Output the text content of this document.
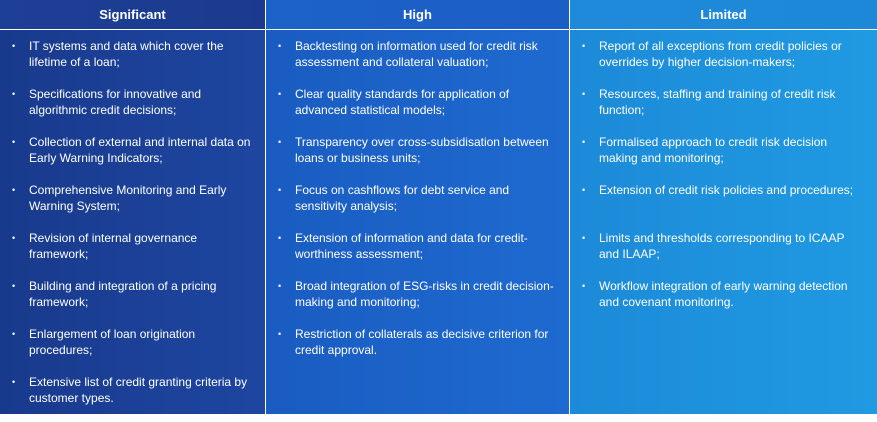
Significant	High	Limited
• IT systems and data which cover the lifetime of a loan;
• Specifications for innovative and algorithmic credit decisions;
• Collection of external and internal data on Early Warning Indicators;
• Comprehensive Monitoring and Early Warning System;
• Revision of internal governance framework;
• Building and integration of a pricing framework;
• Enlargement of loan origination procedures;
• Extensive list of credit granting criteria by customer types.
• Backtesting on information used for credit risk assessment and collateral valuation;
• Clear quality standards for application of advanced statistical models;
• Transparency over cross-subsidisation between loans or business units;
• Focus on cashflows for debt service and sensitivity analysis;
• Extension of information and data for credit-worthiness assessment;
• Broad integration of ESG-risks in credit decision-making and monitoring;
• Restriction of collaterals as decisive criterion for credit approval.
• Report of all exceptions from credit policies or overrides by higher decision-makers;
• Resources, staffing and training of credit risk function;
• Formalised approach to credit risk decision making and monitoring;
• Extension of credit risk policies and procedures;
• Limits and thresholds corresponding to ICAAP and ILAAP;
• Workflow integration of early warning detection and covenant monitoring.
